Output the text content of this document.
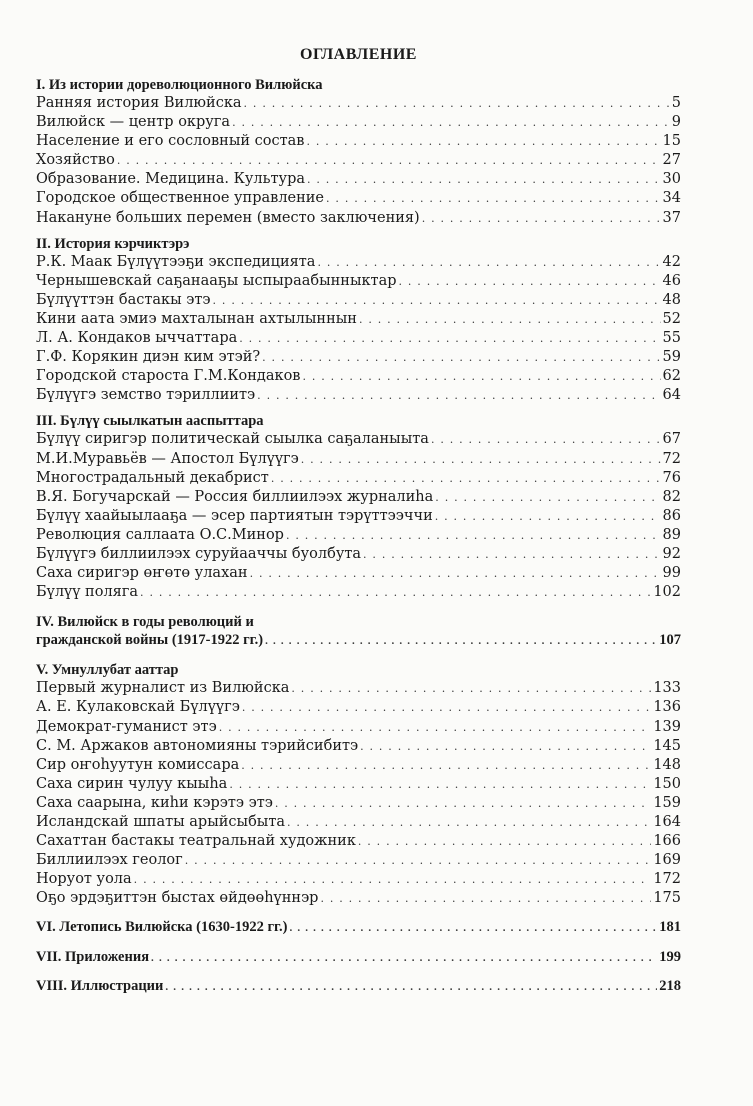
ОГЛАВЛЕНИЕ
I. Из истории дореволюционного Вилюйска
Ранняя история Вилюйска . . .	5
Вилюйск — центр округа . . .	9
Население и его сословный состав . . .	15
Хозяйство . . .	27
Образование. Медицина. Культура . . .	30
Городское общественное управление . . .	34
Накануне больших перемен (вместо заключения) . . .	37
II. История кэрчиктэрэ
Р.К. Маак Бүлүүтээҕи экспедицията . . .	42
Чернышевскай саҕанааҕы ыспыраабынныктар . . .	46
Бүлүүттэн бастакы этэ . . .	48
Кини аата эмиэ махталынан ахтылыннын . . .	52
Л. А. Кондаков ыччаттара . . .	55
Г.Ф. Корякин диэн ким этэй? . . .	59
Городской староста Г.М.Кондаков . . .	62
Бүлүүгэ земство тэриллиитэ . . .	64
III. Бүлүү сыылкатын ааспыттара
Бүлүү сиригэр политическай сыылка саҕаланыыта . . .	67
М.И.Муравьёв — Апостол Бүлүүгэ . . .	72
Многострадальный декабрист . . .	76
В.Я. Богучарскай — Россия биллиилээх журналиһа . . .	82
Бүлүү хаайыылааҕа — эсер партиятын тэрүттээччи . . .	86
Революция саллаата О.С.Минор . . .	89
Бүлүүгэ биллиилээх суруйааччы буолбута . . .	92
Саха сиригэр өҥөтө улахан . . .	99
Бүлүү поляга . . .	102
IV. Вилюйск в годы революций и
гражданской войны (1917-1922 гг.) . . .	107
V. Умнуллубат ааттар
Первый журналист из Вилюйска . . .	133
А. Е. Кулаковскай Бүлүүгэ . . .	136
Демократ-гуманист этэ . . .	139
С. М. Аржаков автономияны тэрийсибитэ . . .	145
Сир оҥоһуутун комиссара . . .	148
Саха сирин чулуу кыыһа . . .	150
Саха саарына, киһи кэрэтэ этэ . . .	159
Исландскай шпаты арыйсыбыта . . .	164
Сахаттан бастакы театральнай художник . . .	166
Биллиилээх геолог . . .	169
Норуот уола . . .	172
Оҕо эрдэҕиттэн быстах өйдөөһүннэр . . .	175
VI. Летопись Вилюйска (1630-1922 гг.) . . .	181
VII. Приложения . . .	199
VIII. Иллюстрации . . .	218
